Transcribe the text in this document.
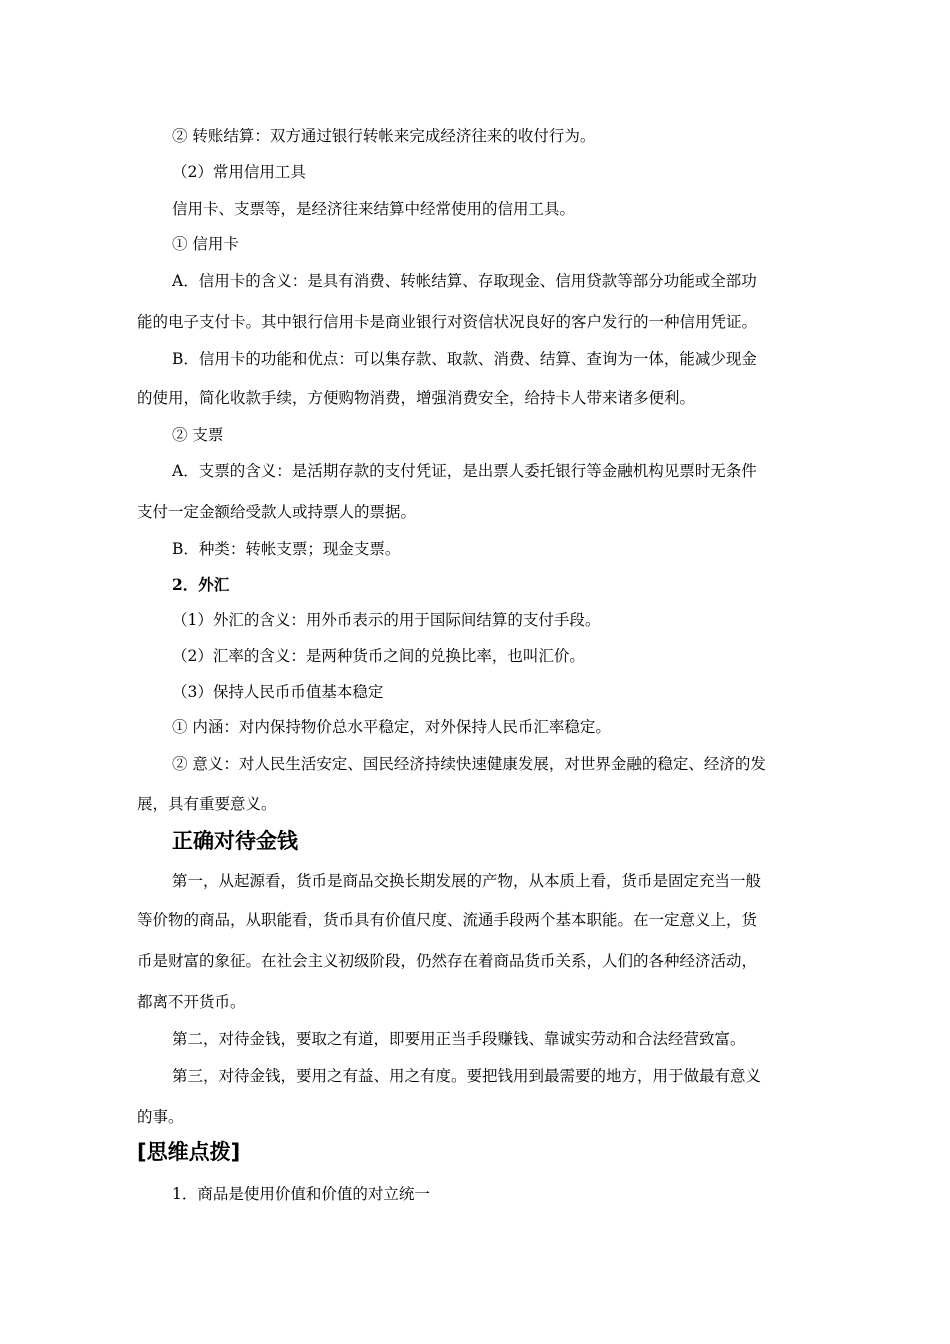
② 转账结算：双方通过银行转帐来完成经济往来的收付行为。
（2）常用信用工具
信用卡、支票等，是经济往来结算中经常使用的信用工具。
① 信用卡
A．信用卡的含义：是具有消费、转帐结算、存取现金、信用贷款等部分功能或全部功
能的电子支付卡。其中银行信用卡是商业银行对资信状况良好的客户发行的一种信用凭证。
B．信用卡的功能和优点：可以集存款、取款、消费、结算、查询为一体，能减少现金
的使用，简化收款手续，方便购物消费，增强消费安全，给持卡人带来诸多便利。
② 支票
A．支票的含义：是活期存款的支付凭证，是出票人委托银行等金融机构见票时无条件
支付一定金额给受款人或持票人的票据。
B．种类：转帐支票；现金支票。
2．外汇
（1）外汇的含义：用外币表示的用于国际间结算的支付手段。
（2）汇率的含义：是两种货币之间的兑换比率，也叫汇价。
（3）保持人民币币值基本稳定
① 内涵：对内保持物价总水平稳定，对外保持人民币汇率稳定。
② 意义：对人民生活安定、国民经济持续快速健康发展，对世界金融的稳定、经济的发
展，具有重要意义。
正确对待金钱
第一，从起源看，货币是商品交换长期发展的产物，从本质上看，货币是固定充当一般
等价物的商品，从职能看，货币具有价值尺度、流通手段两个基本职能。在一定意义上，货
币是财富的象征。在社会主义初级阶段，仍然存在着商品货币关系，人们的各种经济活动，
都离不开货币。
第二，对待金钱，要取之有道，即要用正当手段赚钱、靠诚实劳动和合法经营致富。
第三，对待金钱，要用之有益、用之有度。要把钱用到最需要的地方，用于做最有意义
的事。
[思维点拨]
1．商品是使用价值和价值的对立统一
